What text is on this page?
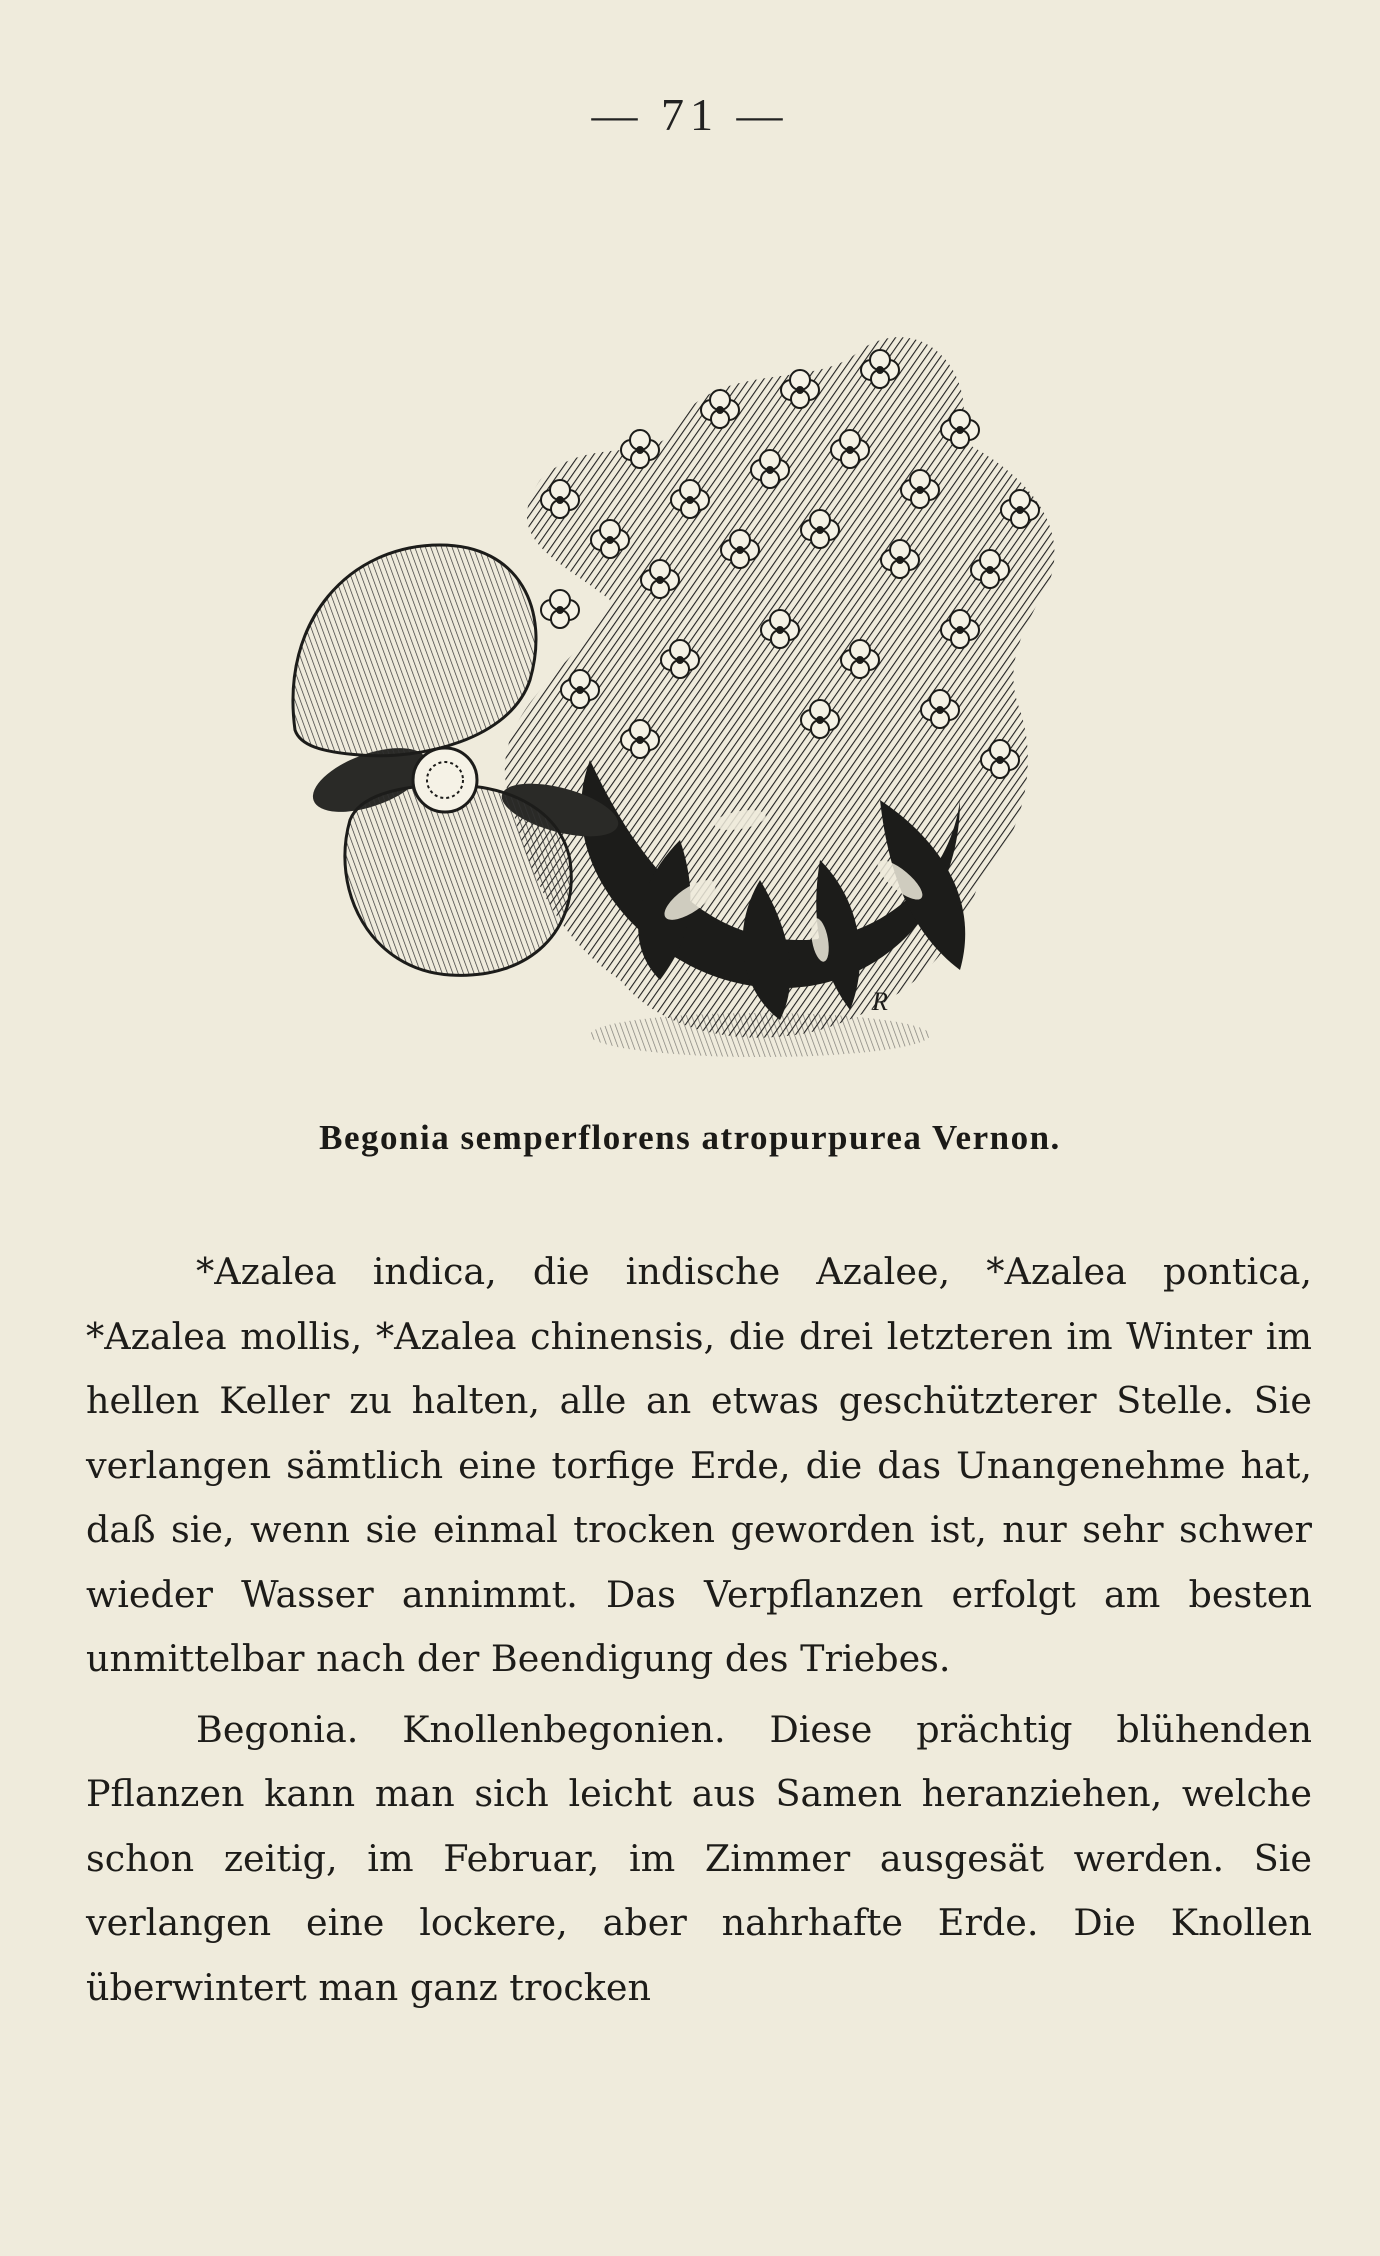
— 71 —
R
Begonia semperflorens atropurpurea Vernon.

*Azalea indica, die indische Azalee, *Azalea pontica, *Azalea mollis, *Azalea chinensis, die drei letzteren im Winter im hellen Keller zu halten, alle an etwas geschützterer Stelle. Sie verlangen sämtlich eine torfige Erde, die das Unangenehme hat, daß sie, wenn sie einmal trocken geworden ist, nur sehr schwer wieder Wasser annimmt. Das Verpflanzen erfolgt am besten unmittelbar nach der Beendigung des Triebes.

Begonia. Knollenbegonien. Diese prächtig blühenden Pflanzen kann man sich leicht aus Samen heranziehen, welche schon zeitig, im Februar, im Zimmer ausgesät werden. Sie verlangen eine lockere, aber nahrhafte Erde. Die Knollen überwintert man ganz trocken
